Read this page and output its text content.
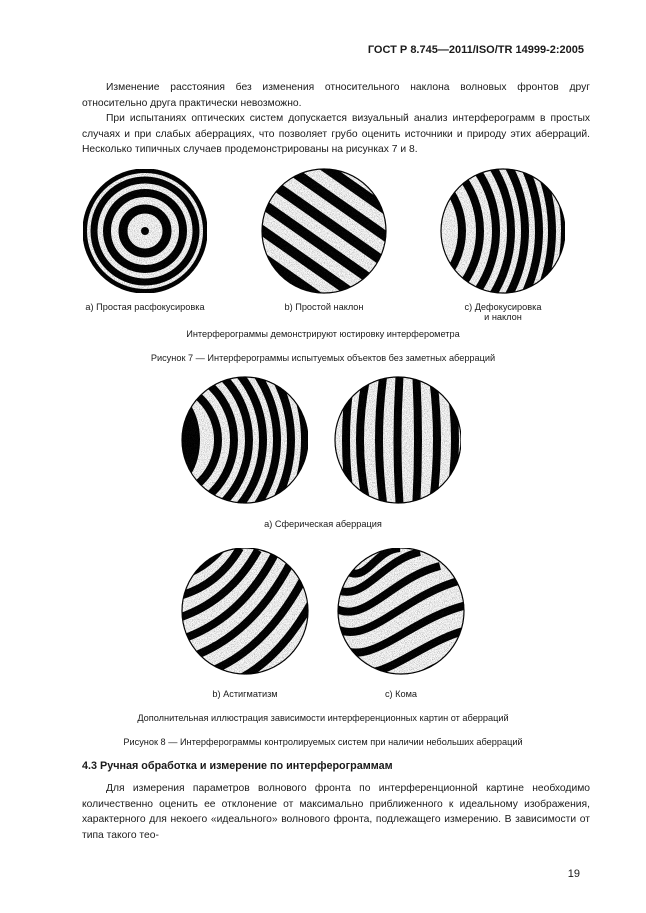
ГОСТ Р 8.745—2011/ISO/TR 14999-2:2005

Изменение расстояния без изменения относительного наклона волновых фронтов друг относительно друга практически невозможно.

При испытаниях оптических систем допускается визуальный анализ интерферограмм в простых случаях и при слабых аберрациях, что позволяет грубо оценить источники и природу этих аберраций. Несколько типичных случаев продемонстрированы на рисунках 7 и 8.

а) Простая расфокусировка	b) Простой наклон	с) Дефокусировка
и наклон
Интерферограммы демонстрируют юстировку интерферометра
Рисунок 7 — Интерферограммы испытуемых объектов без заметных аберраций
а) Сферическая аберрация
b) Астигматизм	с) Кома
Дополнительная иллюстрация зависимости интерференционных картин от аберраций
Рисунок 8 — Интерферограммы контролируемых систем при наличии небольших аберраций
4.3 Ручная обработка и измерение по интерферограммам

Для измерения параметров волнового фронта по интерференционной картине необходимо количественно оценить ее отклонение от максимально приближенного к идеальному изображения, характерного для некоего «идеального» волнового фронта, подлежащего измерению. В зависимости от типа такого тео-

19
